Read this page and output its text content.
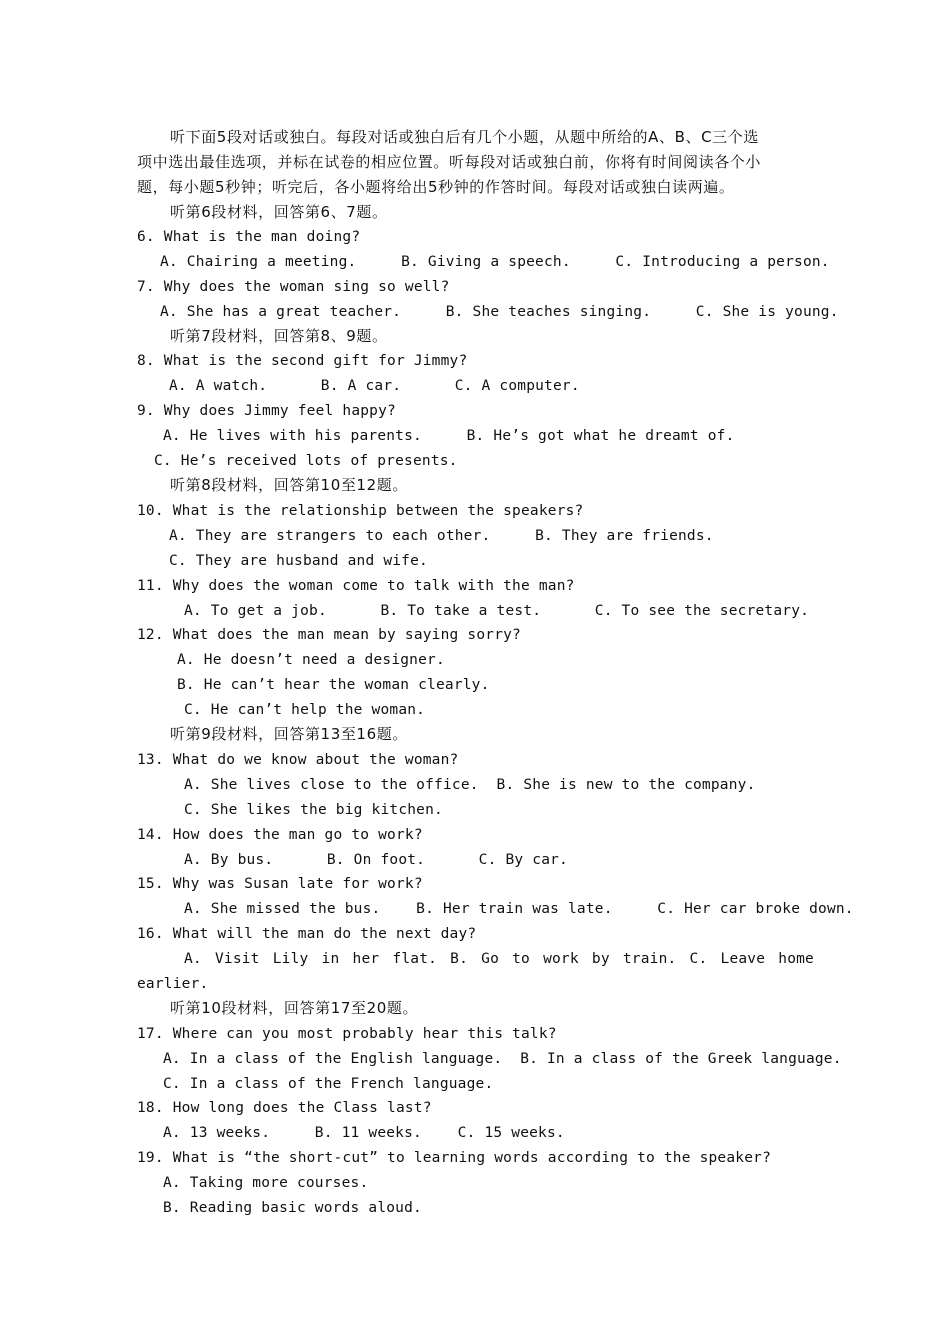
听下面5段对话或独白。每段对话或独白后有几个小题，从题中所给的A、B、C三个选
项中选出最佳选项，并标在试卷的相应位置。听每段对话或独白前，你将有时间阅读各个小
题，每小题5秒钟；听完后，各小题将给出5秒钟的作答时间。每段对话或独白读两遍。
听第6段材料，回答第6、7题。
6. What is the man doing?
A. Chairing a meeting.     B. Giving a speech.     C. Introducing a person.
7. Why does the woman sing so well?
A. She has a great teacher.     B. She teaches singing.     C. She is young.
听第7段材料，回答第8、9题。
8. What is the second gift for Jimmy?
A. A watch.      B. A car.      C. A computer.
9. Why does Jimmy feel happy?
A. He lives with his parents.     B. He’s got what he dreamt of.
C. He’s received lots of presents.
听第8段材料，回答第10至12题。
10. What is the relationship between the speakers?
A. They are strangers to each other.     B. They are friends.
C. They are husband and wife.
11. Why does the woman come to talk with the man?
A. To get a job.      B. To take a test.      C. To see the secretary.
12. What does the man mean by saying sorry?
A. He doesn’t need a designer.
B. He can’t hear the woman clearly.
C. He can’t help the woman.
听第9段材料，回答第13至16题。
13. What do we know about the woman?
A. She lives close to the office.  B. She is new to the company.
C. She likes the big kitchen.
14. How does the man go to work?
A. By bus.      B. On foot.      C. By car.
15. Why was Susan late for work?
A. She missed the bus.    B. Her train was late.     C. Her car broke down.
16. What will the man do the next day?
A. Visit Lily in her flat. B. Go to work by train. C. Leave home
earlier.
听第10段材料，回答第17至20题。
17. Where can you most probably hear this talk?
A. In a class of the English language.  B. In a class of the Greek language.
C. In a class of the French language.
18. How long does the Class last?
A. 13 weeks.     B. 11 weeks.    C. 15 weeks.
19. What is “the short-cut” to learning words according to the speaker?
A. Taking more courses.
B. Reading basic words aloud.
